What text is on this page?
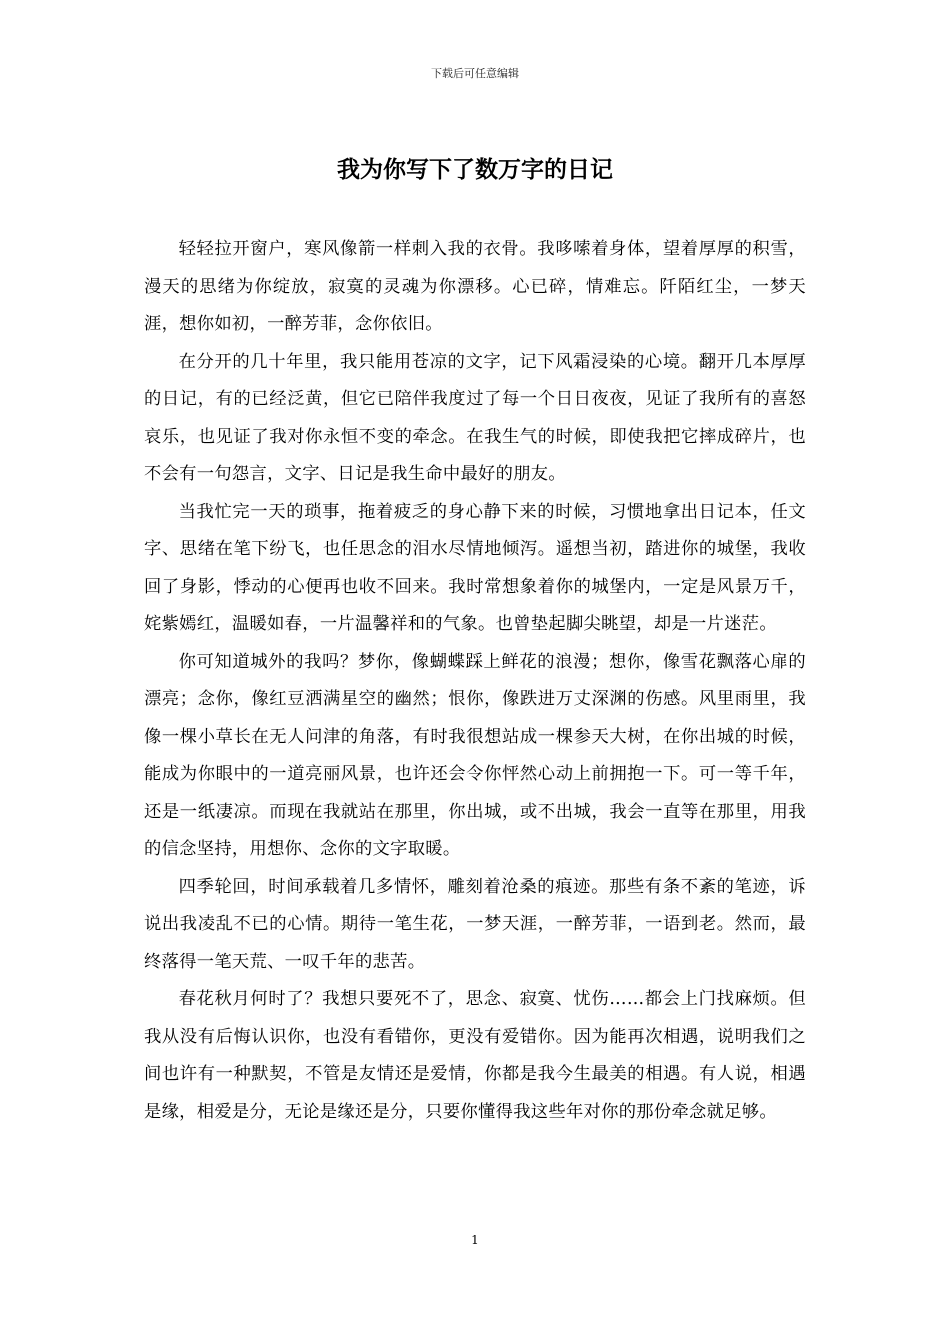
下载后可任意编辑
我为你写下了数万字的日记

轻轻拉开窗户，寒风像箭一样刺入我的衣骨。我哆嗦着身体，望着厚厚的积雪，漫天的思绪为你绽放，寂寞的灵魂为你漂移。心已碎，情难忘。阡陌红尘，一梦天涯，想你如初，一醉芳菲，念你依旧。

在分开的几十年里，我只能用苍凉的文字，记下风霜浸染的心境。翻开几本厚厚的日记，有的已经泛黄，但它已陪伴我度过了每一个日日夜夜，见证了我所有的喜怒哀乐，也见证了我对你永恒不变的牵念。在我生气的时候，即使我把它摔成碎片，也不会有一句怨言，文字、日记是我生命中最好的朋友。

当我忙完一天的琐事，拖着疲乏的身心静下来的时候，习惯地拿出日记本，任文字、思绪在笔下纷飞，也任思念的泪水尽情地倾泻。遥想当初，踏进你的城堡，我收回了身影，悸动的心便再也收不回来。我时常想象着你的城堡内，一定是风景万千，姹紫嫣红，温暖如春，一片温馨祥和的气象。也曾垫起脚尖眺望，却是一片迷茫。

你可知道城外的我吗？梦你，像蝴蝶踩上鲜花的浪漫；想你，像雪花飘落心扉的漂亮；念你，像红豆洒满星空的幽然；恨你，像跌进万丈深渊的伤感。风里雨里，我像一棵小草长在无人问津的角落，有时我很想站成一棵参天大树，在你出城的时候，能成为你眼中的一道亮丽风景，也许还会令你怦然心动上前拥抱一下。可一等千年，还是一纸凄凉。而现在我就站在那里，你出城，或不出城，我会一直等在那里，用我的信念坚持，用想你、念你的文字取暖。

四季轮回，时间承载着几多情怀，雕刻着沧桑的痕迹。那些有条不紊的笔迹，诉说出我凌乱不已的心情。期待一笔生花，一梦天涯，一醉芳菲，一语到老。然而，最终落得一笔天荒、一叹千年的悲苦。

春花秋月何时了？我想只要死不了，思念、寂寞、忧伤……都会上门找麻烦。但我从没有后悔认识你，也没有看错你，更没有爱错你。因为能再次相遇，说明我们之间也许有一种默契，不管是友情还是爱情，你都是我今生最美的相遇。有人说，相遇是缘，相爱是分，无论是缘还是分，只要你懂得我这些年对你的那份牵念就足够。

1
